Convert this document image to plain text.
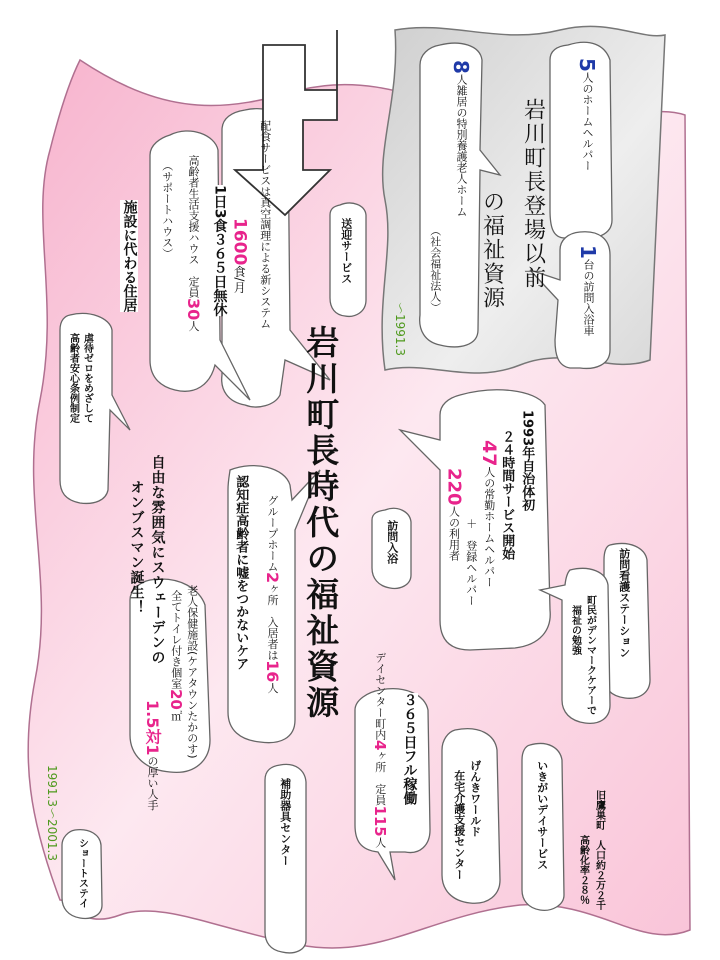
岩川町長時代の福祉資源
岩川町長登場以前
の福祉資源
～1991.3
5人のホームヘルパー
8人雑居の特別養護老人ホーム
（社会福祉法人）	1台の訪問入浴車
送迎サービス
配食サービスは真空調理による新システム
1600食/月
1日3食３６５日無休
高齢者生活支援ハウス　定員30人
（サポートハウス）
施設に代わる住居
虐待ゼロをめざして
高齢者安心条例制定
自由な雰囲気にスウェーデンの
オンブスマン誕生！	グループホーム2ヶ所　入居者は16人
認知症高齢者に嘘をつかないケア
老人保健施設(ケアタウンたかのす)
全てトイレ付き個室20㎡
1.5対1の厚い人手
ショートステイ
補助器具センター
1991.3～2001.3
訪問入浴
デイセンター町内4ヶ所　定員115人
３６５日フル稼働
1993年自治体初
２４時間サービス開始
47人の常勤ホームヘルパー
＋　登録ヘルパー
220人の利用者
訪問看護ステーション
町民がデンマークケアーで
福祉の勉強
いきがいデイサービス
げんきワールド
在宅介護支援センター	旧鷹巣町　人口約２万２千
高齢化率２８％
